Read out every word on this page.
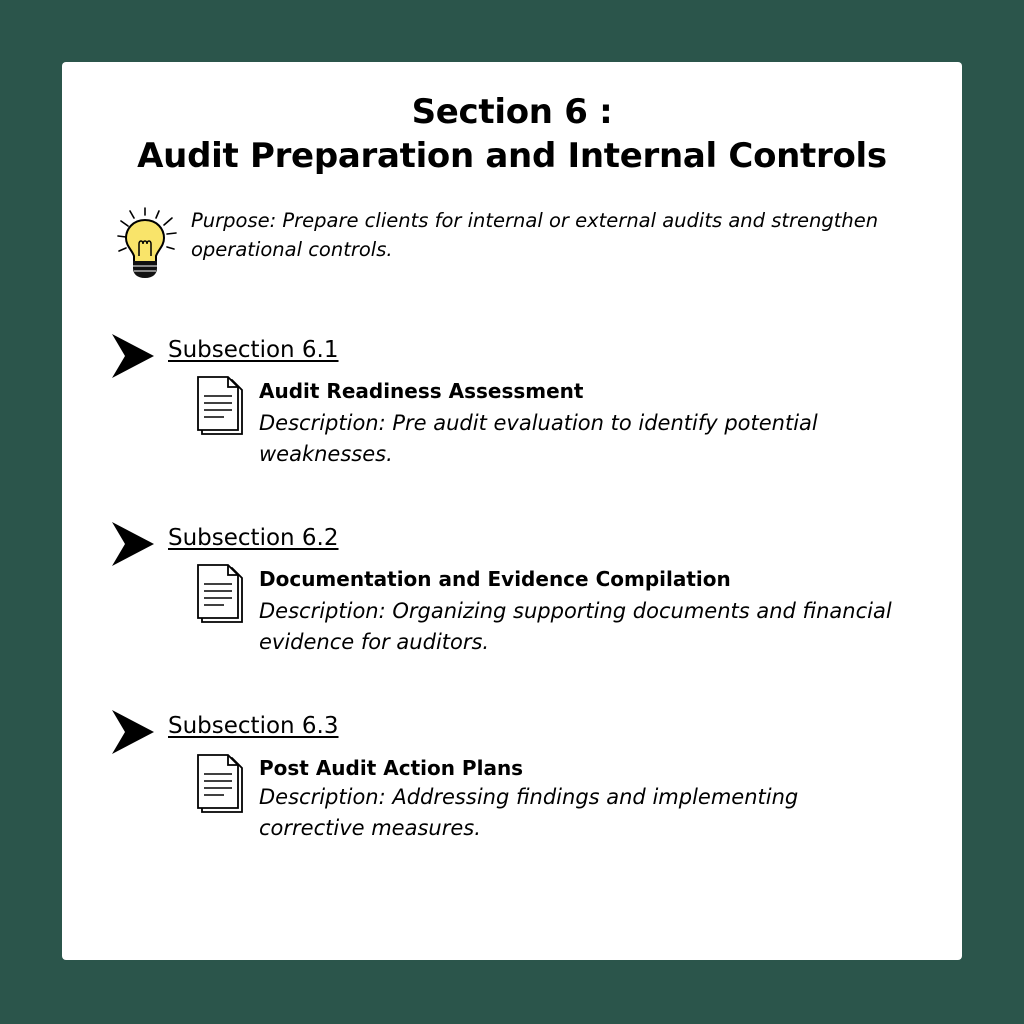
Section 6 :
Audit Preparation and Internal Controls

Purpose: Prepare clients for internal or external audits and strengthen operational controls.

Subsection 6.1
Audit Readiness Assessment

Description: Pre audit evaluation to identify potential weaknesses.

Subsection 6.2
Documentation and Evidence Compilation

Description: Organizing supporting documents and financial evidence for auditors.

Subsection 6.3
Post Audit Action Plans

Description: Addressing findings and implementing corrective measures.
